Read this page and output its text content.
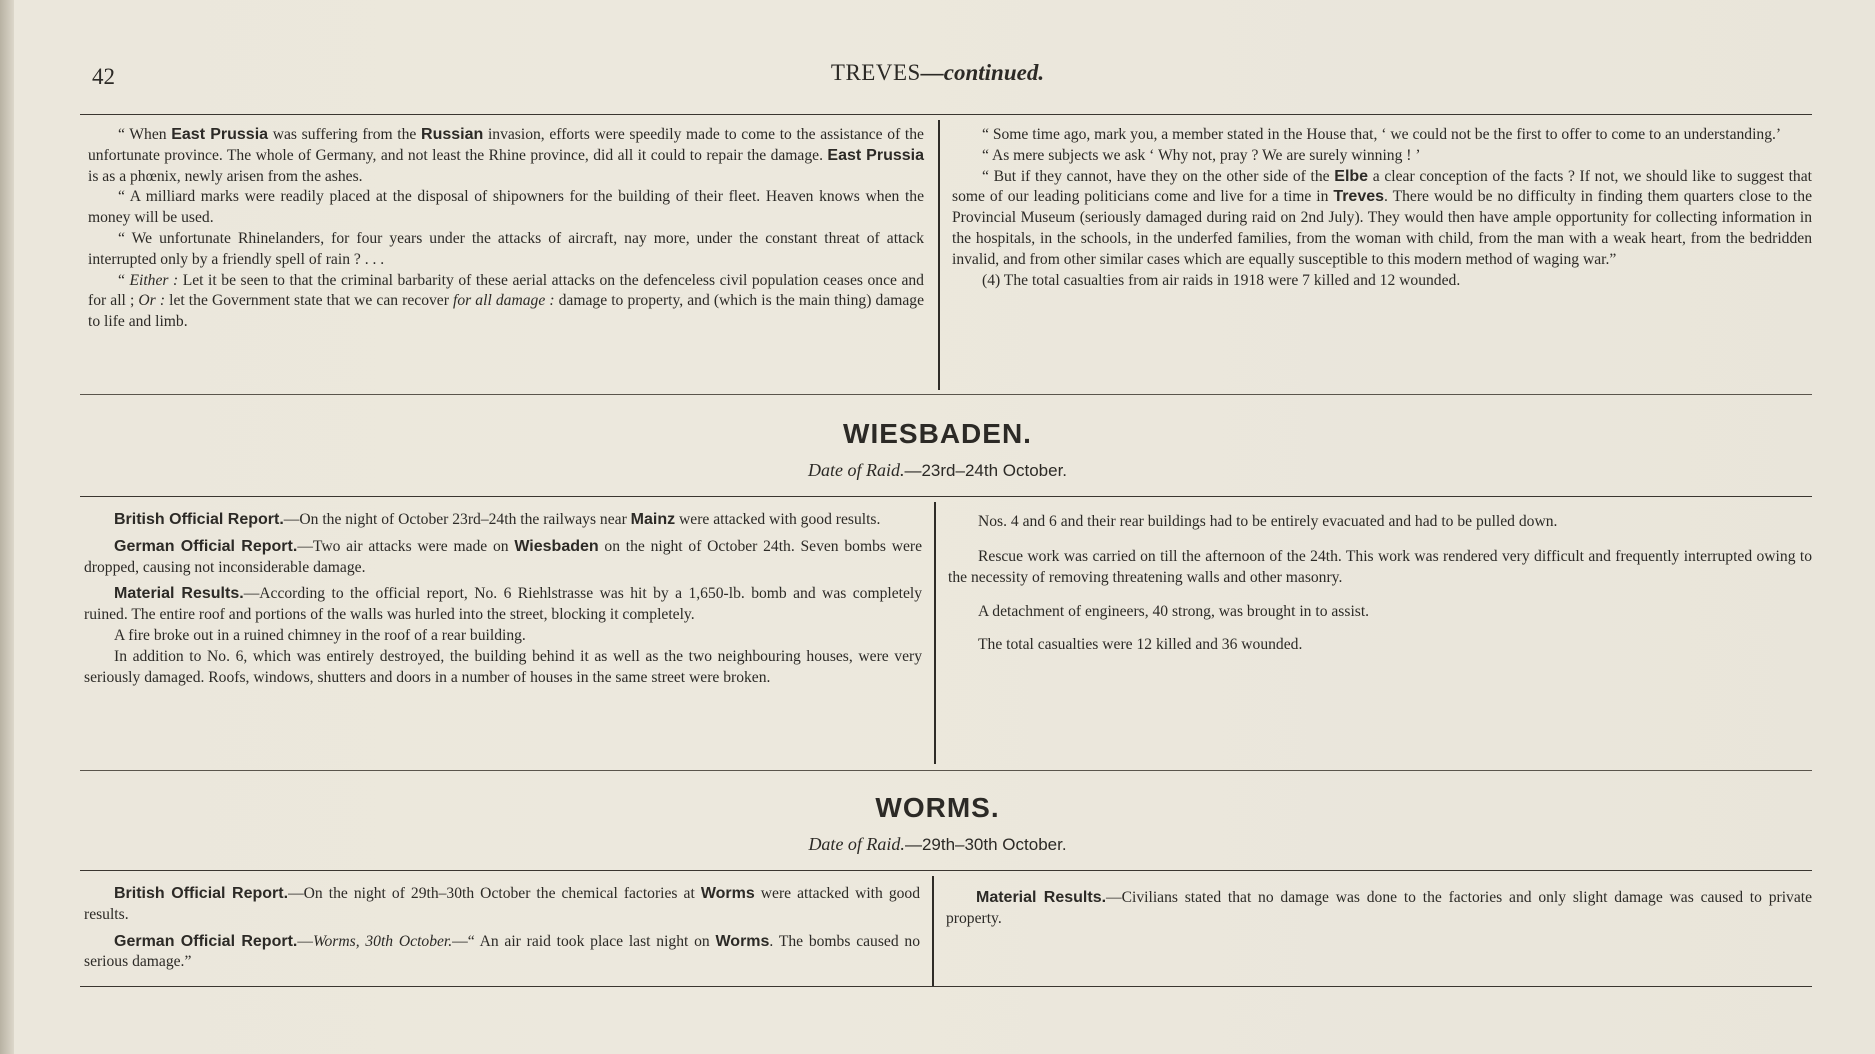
42	TREVES—continued.

“ When East Prussia was suffering from the Russian invasion, efforts were speedily made to come to the assistance of the unfortunate province. The whole of Germany, and not least the Rhine province, did all it could to repair the damage. East Prussia is as a phœnix, newly arisen from the ashes.

“ A milliard marks were readily placed at the disposal of shipowners for the building of their fleet. Heaven knows when the money will be used.

“ We unfortunate Rhinelanders, for four years under the attacks of aircraft, nay more, under the constant threat of attack interrupted only by a friendly spell of rain ? . . .

“ Either : Let it be seen to that the criminal barbarity of these aerial attacks on the defenceless civil population ceases once and for all ; Or : let the Government state that we can recover for all damage : damage to property, and (which is the main thing) damage to life and limb.

“ Some time ago, mark you, a member stated in the House that, ‘ we could not be the first to offer to come to an understanding.’

“ As mere subjects we ask ‘ Why not, pray ? We are surely winning ! ’

“ But if they cannot, have they on the other side of the Elbe a clear conception of the facts ? If not, we should like to suggest that some of our leading politicians come and live for a time in Treves. There would be no difficulty in finding them quarters close to the Provincial Museum (seriously damaged during raid on 2nd July). They would then have ample opportunity for collecting information in the hospitals, in the schools, in the underfed families, from the woman with child, from the man with a weak heart, from the bedridden invalid, and from other similar cases which are equally susceptible to this modern method of waging war.”

(4) The total casualties from air raids in 1918 were 7 killed and 12 wounded.

WIESBADEN.
Date of Raid.—23rd–24th October.

British Official Report.—On the night of October 23rd–24th the railways near Mainz were attacked with good results.

German Official Report.—Two air attacks were made on Wiesbaden on the night of October 24th. Seven bombs were dropped, causing not inconsiderable damage.

Material Results.—According to the official report, No. 6 Riehlstrasse was hit by a 1,650-lb. bomb and was completely ruined. The entire roof and portions of the walls was hurled into the street, blocking it completely.

A fire broke out in a ruined chimney in the roof of a rear building.

In addition to No. 6, which was entirely destroyed, the building behind it as well as the two neighbouring houses, were very seriously damaged. Roofs, windows, shutters and doors in a number of houses in the same street were broken.

Nos. 4 and 6 and their rear buildings had to be entirely evacuated and had to be pulled down.

Rescue work was carried on till the afternoon of the 24th. This work was rendered very difficult and frequently interrupted owing to the necessity of removing threatening walls and other masonry.

A detachment of engineers, 40 strong, was brought in to assist.

The total casualties were 12 killed and 36 wounded.

WORMS.
Date of Raid.—29th–30th October.

British Official Report.—On the night of 29th–30th October the chemical factories at Worms were attacked with good results.

German Official Report.—Worms, 30th October.—“ An air raid took place last night on Worms. The bombs caused no serious damage.”

Material Results.—Civilians stated that no damage was done to the factories and only slight damage was caused to private property.
